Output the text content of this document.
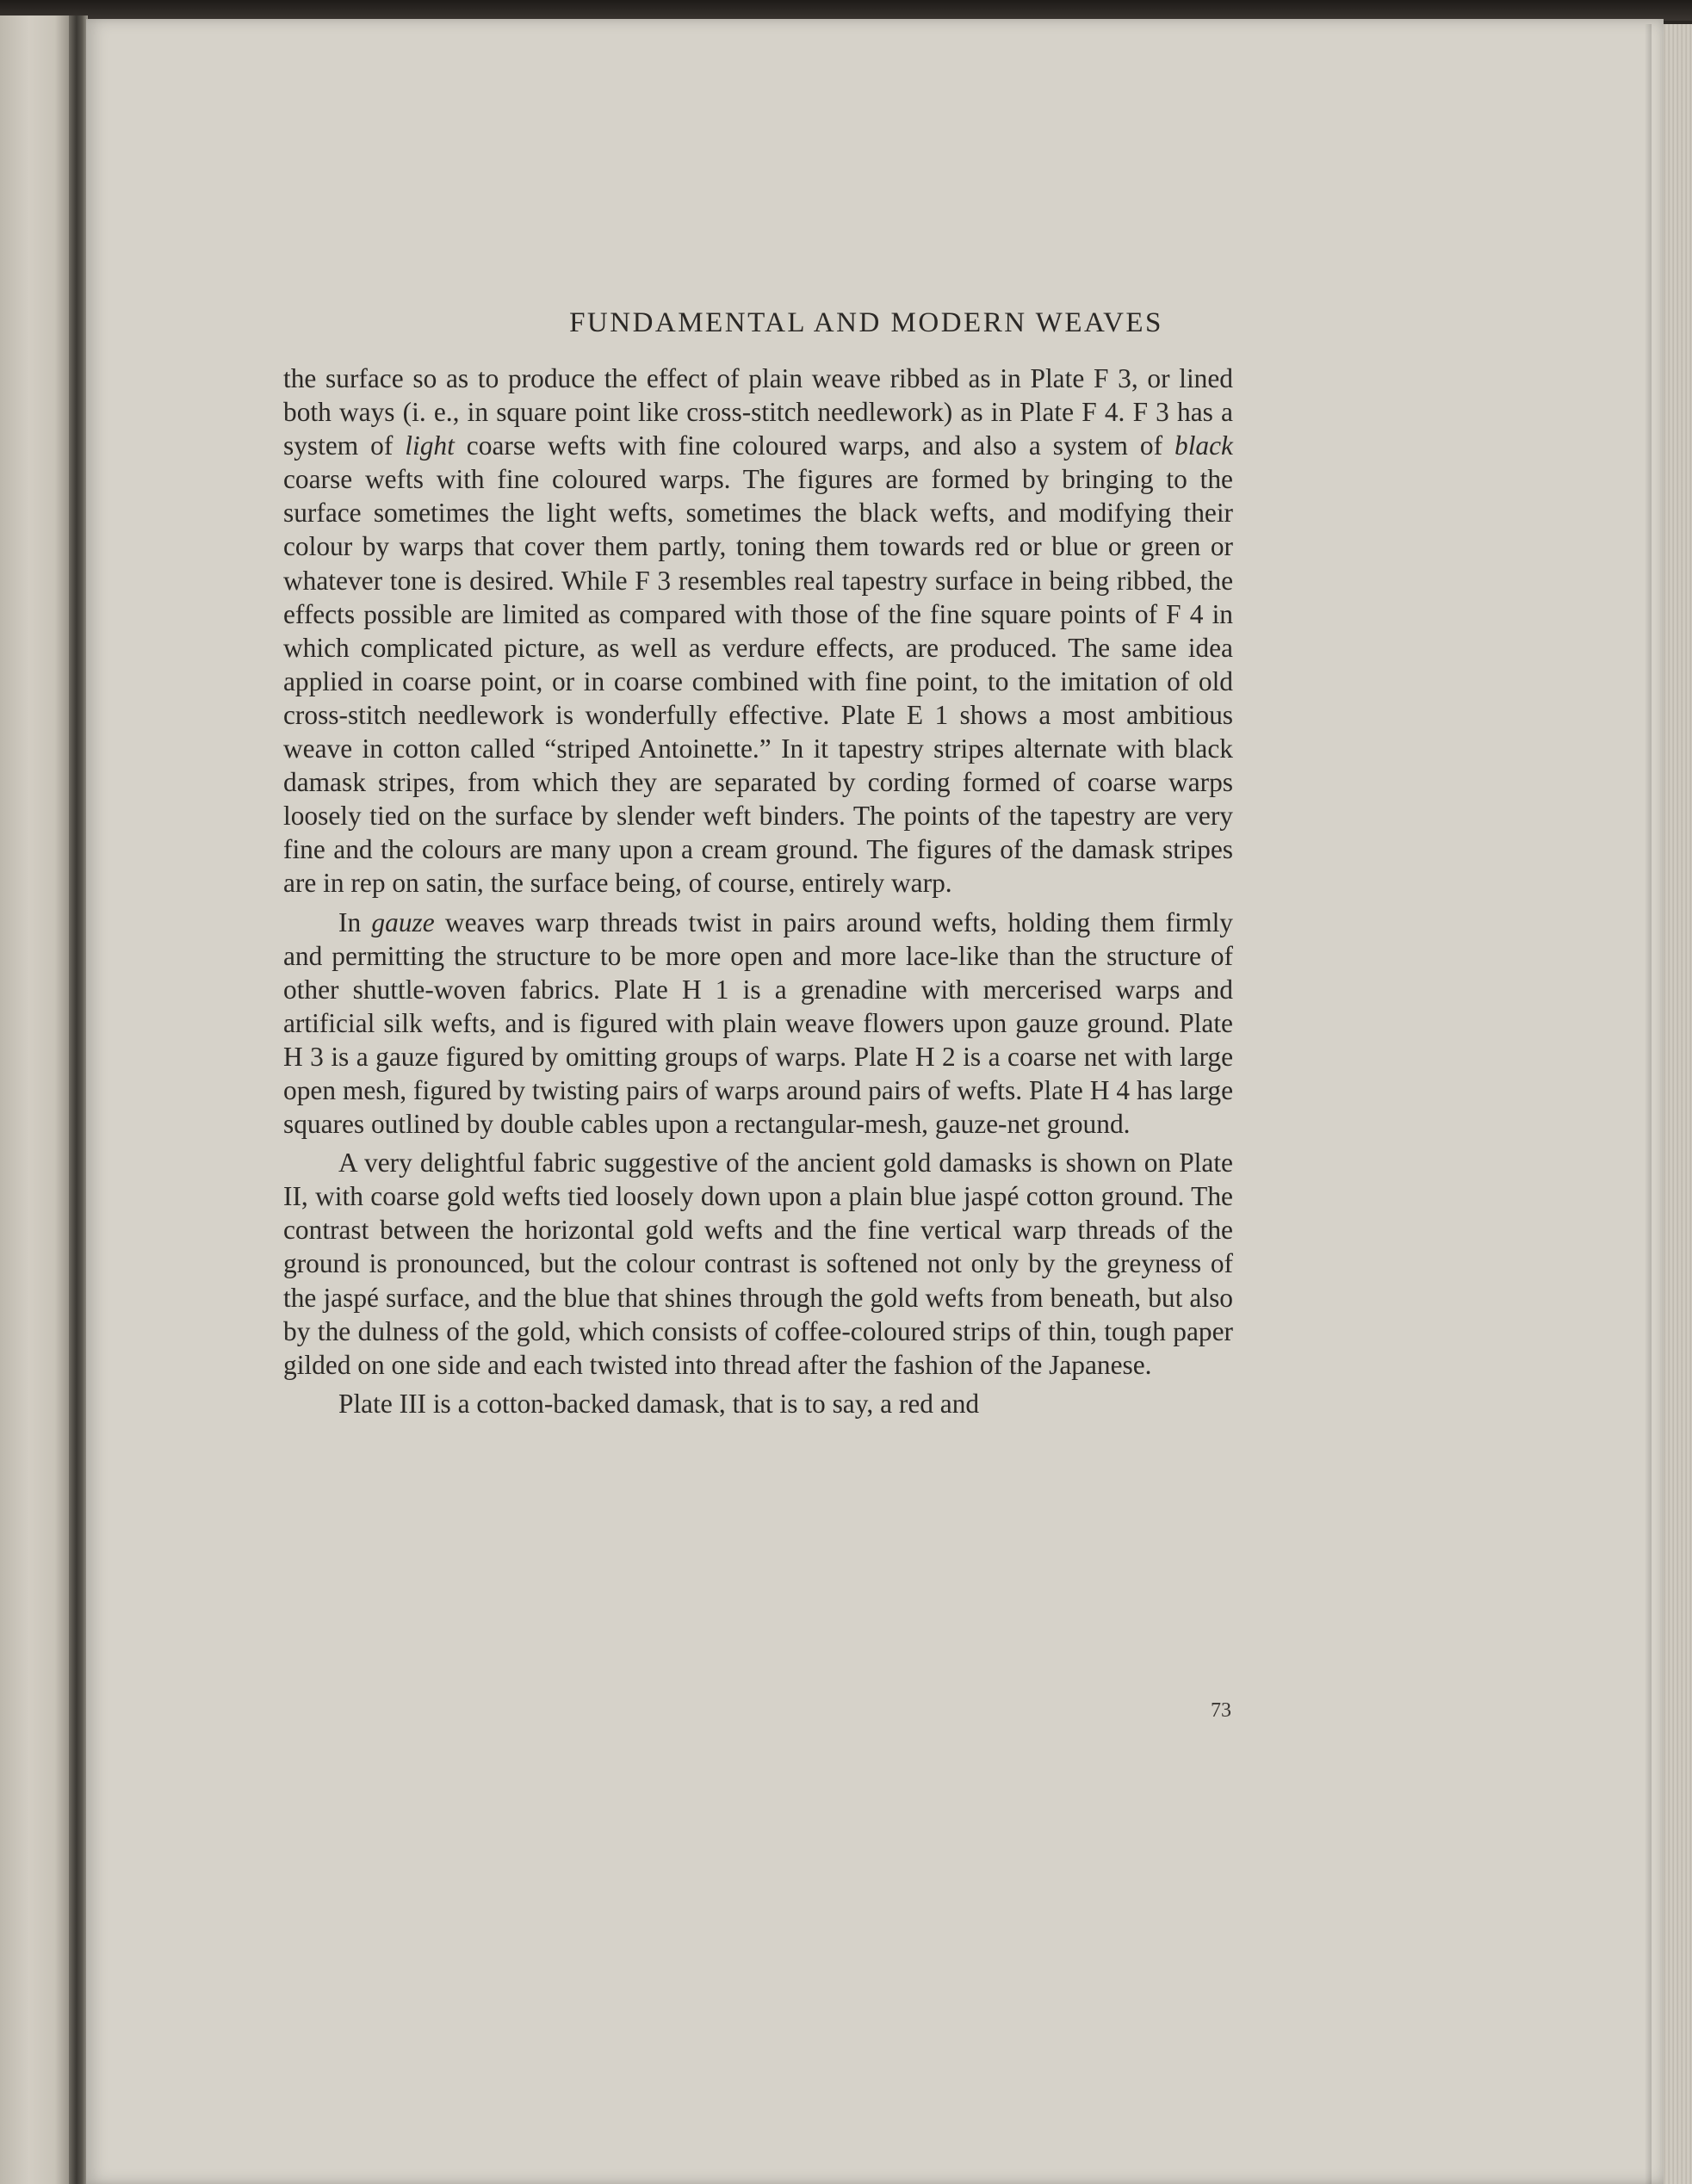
FUNDAMENTAL AND MODERN WEAVES

the surface so as to produce the effect of plain weave ribbed as in Plate F 3, or lined both ways (i. e., in square point like cross-stitch needlework) as in Plate F 4. F 3 has a system of light coarse wefts with fine coloured warps, and also a system of black coarse wefts with fine coloured warps. The figures are formed by bringing to the surface sometimes the light wefts, sometimes the black wefts, and modifying their colour by warps that cover them partly, toning them towards red or blue or green or whatever tone is desired. While F 3 resembles real tapestry surface in being ribbed, the effects possible are limited as compared with those of the fine square points of F 4 in which complicated picture, as well as verdure effects, are produced. The same idea applied in coarse point, or in coarse combined with fine point, to the imitation of old cross-stitch needlework is wonderfully effective. Plate E 1 shows a most ambitious weave in cotton called “striped Antoinette.” In it tapestry stripes alternate with black damask stripes, from which they are separated by cording formed of coarse warps loosely tied on the surface by slender weft binders. The points of the tapestry are very fine and the colours are many upon a cream ground. The figures of the damask stripes are in rep on satin, the surface being, of course, entirely warp.

In gauze weaves warp threads twist in pairs around wefts, holding them firmly and permitting the structure to be more open and more lace-like than the structure of other shuttle-woven fabrics. Plate H 1 is a grenadine with mercerised warps and artificial silk wefts, and is figured with plain weave flowers upon gauze ground. Plate H 3 is a gauze figured by omitting groups of warps. Plate H 2 is a coarse net with large open mesh, figured by twisting pairs of warps around pairs of wefts. Plate H 4 has large squares outlined by double cables upon a rectangular-mesh, gauze-net ground.

A very delightful fabric suggestive of the ancient gold damasks is shown on Plate II, with coarse gold wefts tied loosely down upon a plain blue jaspé cotton ground. The contrast between the horizontal gold wefts and the fine vertical warp threads of the ground is pronounced, but the colour contrast is softened not only by the greyness of the jaspé surface, and the blue that shines through the gold wefts from beneath, but also by the dulness of the gold, which consists of coffee-coloured strips of thin, tough paper gilded on one side and each twisted into thread after the fashion of the Japanese.

Plate III is a cotton-backed damask, that is to say, a red and

73
